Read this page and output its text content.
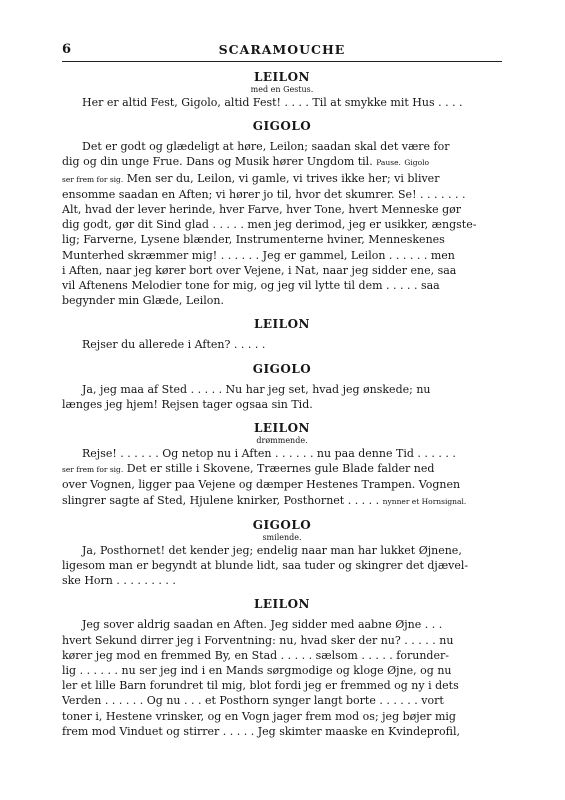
6	SCARAMOUCHE
LEILON
med en Gestus.
Her er altid Fest, Gigolo, altid Fest! . . . . Til at smykke mit Hus . . . .
GIGOLO
Det er godt og glædeligt at høre, Leilon; saadan skal det være for
dig og din unge Frue. Dans og Musik hører Ungdom til. Pause. Gigolo
ser frem for sig. Men ser du, Leilon, vi gamle, vi trives ikke her; vi bliver
ensomme saadan en Aften; vi hører jo til, hvor det skumrer. Se! . . . . . . .
Alt, hvad der lever herinde, hver Farve, hver Tone, hvert Menneske gør
dig godt, gør dit Sind glad . . . . . men jeg derimod, jeg er usikker, ængste-
lig; Farverne, Lysene blænder, Instrumenterne hviner, Menneskenes
Munterhed skræmmer mig! . . . . . . Jeg er gammel, Leilon . . . . . . men
i Aften, naar jeg kører bort over Vejene, i Nat, naar jeg sidder ene, saa
vil Aftenens Melodier tone for mig, og jeg vil lytte til dem . . . . . saa
begynder min Glæde, Leilon.
LEILON
Rejser du allerede i Aften? . . . . .
GIGOLO
Ja, jeg maa af Sted . . . . . Nu har jeg set, hvad jeg ønskede; nu
længes jeg hjem! Rejsen tager ogsaa sin Tid.
LEILON
drømmende.
Rejse! . . . . . . Og netop nu i Aften . . . . . . nu paa denne Tid . . . . . .
ser frem for sig. Det er stille i Skovene, Træernes gule Blade falder ned
over Vognen, ligger paa Vejene og dæmper Hestenes Trampen. Vognen
slingrer sagte af Sted, Hjulene knirker, Posthornet . . . . . nynner et Hornsignal.
GIGOLO
smilende.
Ja, Posthornet! det kender jeg; endelig naar man har lukket Øjnene,
ligesom man er begyndt at blunde lidt, saa tuder og skingrer det djævel-
ske Horn . . . . . . . . .
LEILON
Jeg sover aldrig saadan en Aften. Jeg sidder med aabne Øjne . . .
hvert Sekund dirrer jeg i Forventning: nu, hvad sker der nu? . . . . . nu
kører jeg mod en fremmed By, en Stad . . . . . sælsom . . . . . forunder-
lig . . . . . . nu ser jeg ind i en Mands sørgmodige og kloge Øjne, og nu
ler et lille Barn forundret til mig, blot fordi jeg er fremmed og ny i dets
Verden . . . . . . Og nu . . . et Posthorn synger langt borte . . . . . . vort
toner i, Hestene vrinsker, og en Vogn jager frem mod os; jeg bøjer mig
frem mod Vinduet og stirrer . . . . . Jeg skimter maaske en Kvindeprofil,
